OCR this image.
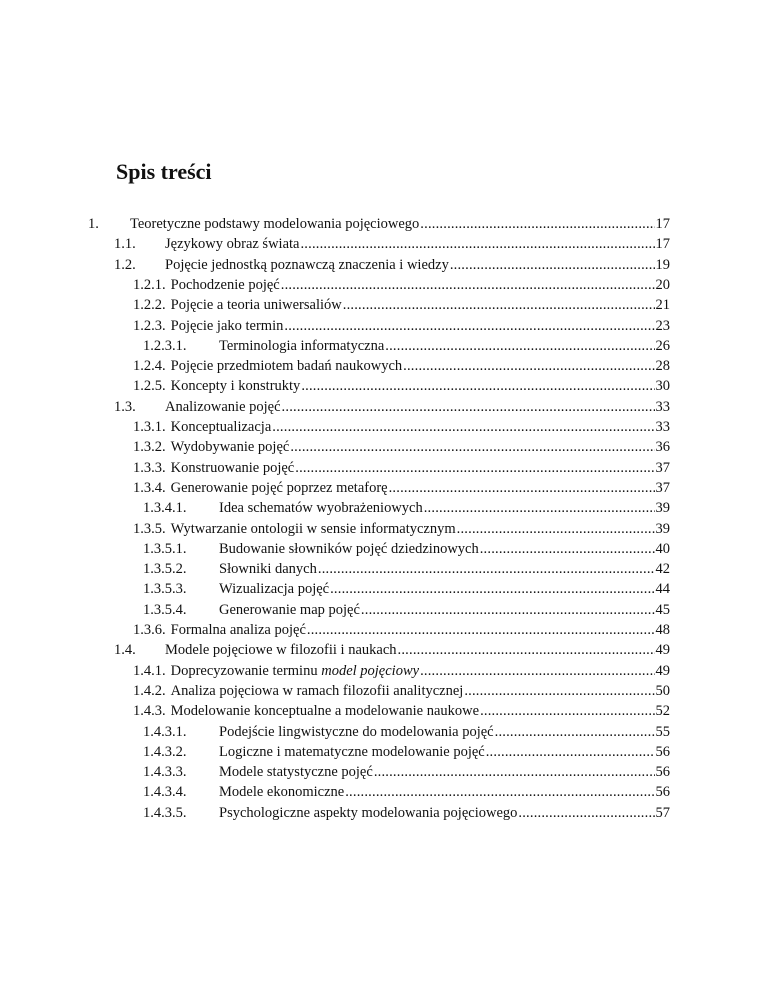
Spis treści
1.	Teoretyczne podstawy modelowania pojęciowego .....	17
1.1.	Językowy obraz świata .....	17
1.2.	Pojęcie jednostką poznawczą znaczenia i wiedzy .....	19
1.2.1. Pochodzenie pojęć .....	20
1.2.2. Pojęcie a teoria uniwersaliów .....	21
1.2.3. Pojęcie jako termin .....	23
1.2.3.1.	Terminologia informatyczna .....	26
1.2.4. Pojęcie przedmiotem badań naukowych .....	28
1.2.5. Koncepty i konstrukty .....	30
1.3.	Analizowanie pojęć .....	33
1.3.1. Konceptualizacja .....	33
1.3.2. Wydobywanie pojęć .....	36
1.3.3. Konstruowanie pojęć .....	37
1.3.4. Generowanie pojęć poprzez metaforę .....	37
1.3.4.1.	Idea schematów wyobrażeniowych .....	39
1.3.5. Wytwarzanie ontologii w sensie informatycznym .....	39
1.3.5.1.	Budowanie słowników pojęć dziedzinowych .....	40
1.3.5.2.	Słowniki danych .....	42
1.3.5.3.	Wizualizacja pojęć .....	44
1.3.5.4.	Generowanie map pojęć .....	45
1.3.6. Formalna analiza pojęć .....	48
1.4.	Modele pojęciowe w filozofii i naukach .....	49
1.4.1. Doprecyzowanie terminu model pojęciowy .....	49
1.4.2. Analiza pojęciowa w ramach filozofii analitycznej .....	50
1.4.3. Modelowanie konceptualne a modelowanie naukowe .....	52
1.4.3.1.	Podejście lingwistyczne do modelowania pojęć .....	55
1.4.3.2.	Logiczne i matematyczne modelowanie pojęć .....	56
1.4.3.3.	Modele statystyczne pojęć .....	56
1.4.3.4.	Modele ekonomiczne .....	56
1.4.3.5.	Psychologiczne aspekty modelowania pojęciowego .....	57
